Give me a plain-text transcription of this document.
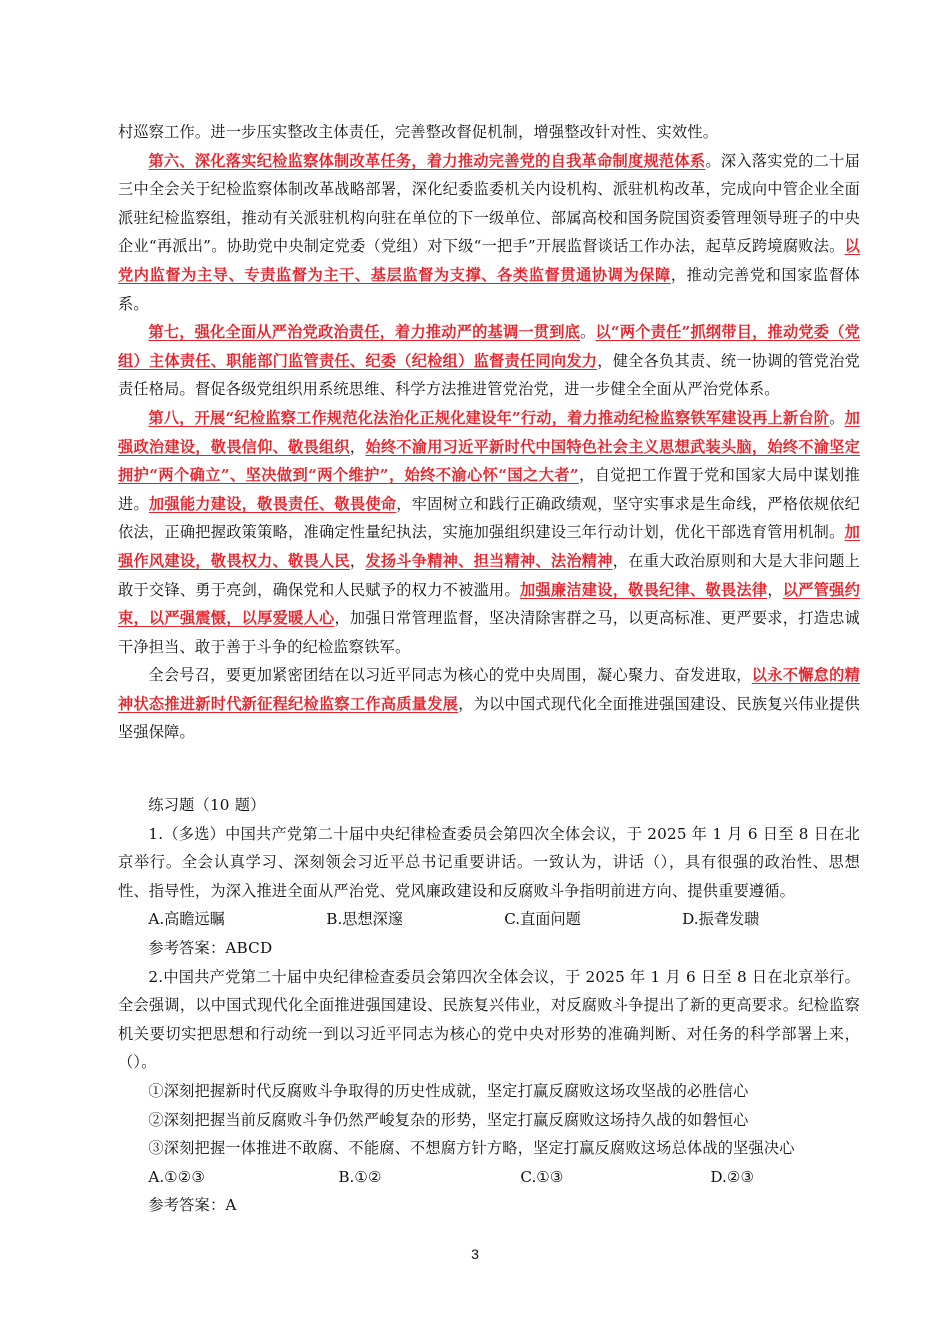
村巡察工作。进一步压实整改主体责任，完善整改督促机制，增强整改针对性、实效性。

第六、深化落实纪检监察体制改革任务，着力推动完善党的自我革命制度规范体系。深入落实党的二十届三中全会关于纪检监察体制改革战略部署，深化纪委监委机关内设机构、派驻机构改革，完成向中管企业全面派驻纪检监察组，推动有关派驻机构向驻在单位的下一级单位、部属高校和国务院国资委管理领导班子的中央企业“再派出”。协助党中央制定党委（党组）对下级“一把手”开展监督谈话工作办法，起草反跨境腐败法。以党内监督为主导、专责监督为主干、基层监督为支撑、各类监督贯通协调为保障，推动完善党和国家监督体系。

第七，强化全面从严治党政治责任，着力推动严的基调一贯到底。以“两个责任”抓纲带目，推动党委（党组）主体责任、职能部门监管责任、纪委（纪检组）监督责任同向发力，健全各负其责、统一协调的管党治党责任格局。督促各级党组织用系统思维、科学方法推进管党治党，进一步健全全面从严治党体系。

第八，开展“纪检监察工作规范化法治化正规化建设年”行动，着力推动纪检监察铁军建设再上新台阶。加强政治建设，敬畏信仰、敬畏组织，始终不渝用习近平新时代中国特色社会主义思想武装头脑，始终不渝坚定拥护“两个确立”、坚决做到“两个维护”，始终不渝心怀“国之大者”，自觉把工作置于党和国家大局中谋划推进。加强能力建设，敬畏责任、敬畏使命，牢固树立和践行正确政绩观，坚守实事求是生命线，严格依规依纪依法，正确把握政策策略，准确定性量纪执法，实施加强组织建设三年行动计划，优化干部选育管用机制。加强作风建设，敬畏权力、敬畏人民，发扬斗争精神、担当精神、法治精神，在重大政治原则和大是大非问题上敢于交锋、勇于亮剑，确保党和人民赋予的权力不被滥用。加强廉洁建设，敬畏纪律、敬畏法律，以严管强约束，以严强震慑，以厚爱暖人心，加强日常管理监督，坚决清除害群之马，以更高标准、更严要求，打造忠诚干净担当、敢于善于斗争的纪检监察铁军。

全会号召，要更加紧密团结在以习近平同志为核心的党中央周围，凝心聚力、奋发进取，以永不懈怠的精神状态推进新时代新征程纪检监察工作高质量发展，为以中国式现代化全面推进强国建设、民族复兴伟业提供坚强保障。

练习题（10 题）

1.（多选）中国共产党第二十届中央纪律检查委员会第四次全体会议，于 2025 年 1 月 6 日至 8 日在北京举行。全会认真学习、深刻领会习近平总书记重要讲话。一致认为，讲话（），具有很强的政治性、思想性、指导性，为深入推进全面从严治党、党风廉政建设和反腐败斗争指明前进方向、提供重要遵循。

A.高瞻远瞩	B.思想深邃	C.直面问题	D.振聋发聩

参考答案：ABCD

2.中国共产党第二十届中央纪律检查委员会第四次全体会议，于 2025 年 1 月 6 日至 8 日在北京举行。全会强调，以中国式现代化全面推进强国建设、民族复兴伟业，对反腐败斗争提出了新的更高要求。纪检监察机关要切实把思想和行动统一到以习近平同志为核心的党中央对形势的准确判断、对任务的科学部署上来，（）。

①深刻把握新时代反腐败斗争取得的历史性成就，坚定打赢反腐败这场攻坚战的必胜信心

②深刻把握当前反腐败斗争仍然严峻复杂的形势，坚定打赢反腐败这场持久战的如磐恒心

③深刻把握一体推进不敢腐、不能腐、不想腐方针方略，坚定打赢反腐败这场总体战的坚强决心

A.①②③	B.①②	C.①③	D.②③

参考答案：A

3
